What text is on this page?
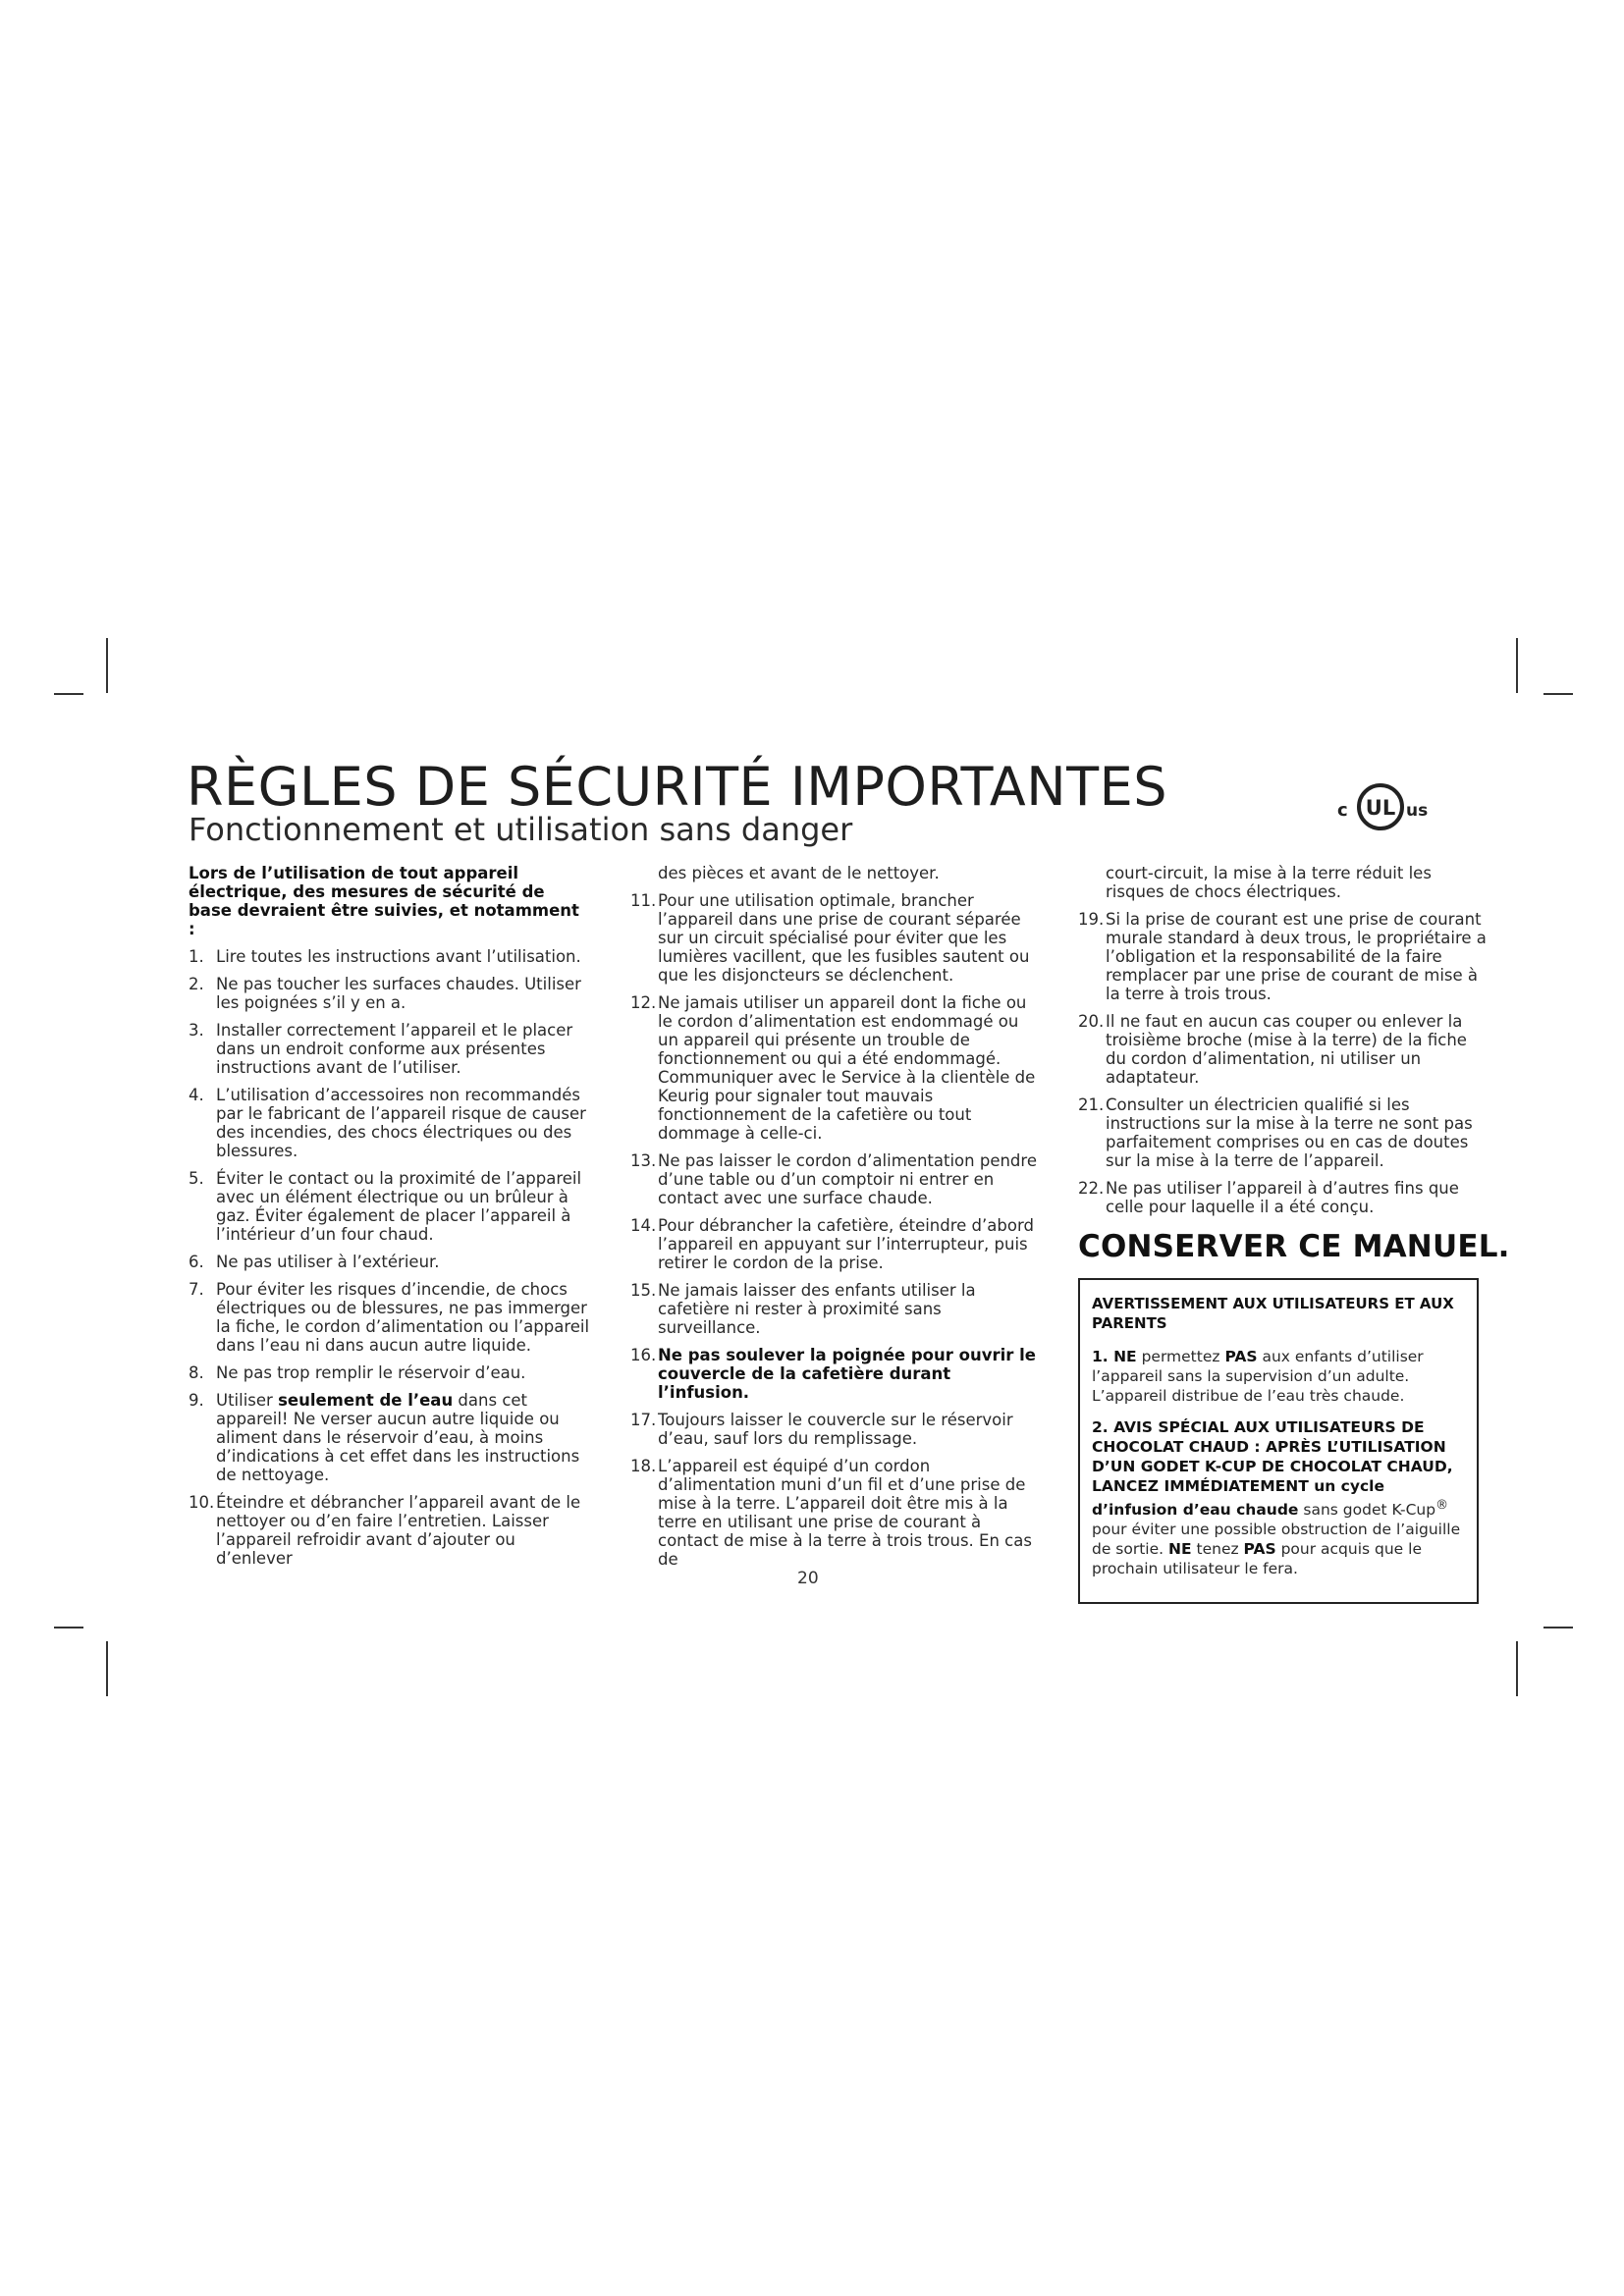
RÈGLES DE SÉCURITÉ IMPORTANTES
Fonctionnement et utilisation sans danger
c UL us

Lors de l’utilisation de tout appareil électrique, des mesures de sécurité de base devraient être suivies, et notamment :

1. Lire toutes les instructions avant l’utilisation.
2. Ne pas toucher les surfaces chaudes. Utiliser les poignées s’il y en a.
3. Installer correctement l’appareil et le placer dans un endroit conforme aux présentes instructions avant de l’utiliser.
4. L’utilisation d’accessoires non recommandés par le fabricant de l’appareil risque de causer des incendies, des chocs électriques ou des blessures.
5. Éviter le contact ou la proximité de l’appareil avec un élément électrique ou un brûleur à gaz. Éviter également de placer l’appareil à l’intérieur d’un four chaud.
6. Ne pas utiliser à l’extérieur.
7. Pour éviter les risques d’incendie, de chocs électriques ou de blessures, ne pas immerger la fiche, le cordon d’alimentation ou l’appareil dans l’eau ni dans aucun autre liquide.
8. Ne pas trop remplir le réservoir d’eau.
9. Utiliser seulement de l’eau dans cet appareil! Ne verser aucun autre liquide ou aliment dans le réservoir d’eau, à moins d’indications à cet effet dans les instructions de nettoyage.
10. Éteindre et débrancher l’appareil avant de le nettoyer ou d’en faire l’entretien. Laisser l’appareil refroidir avant d’ajouter ou d’enlever

des pièces et avant de le nettoyer.

11. Pour une utilisation optimale, brancher l’appareil dans une prise de courant séparée sur un circuit spécialisé pour éviter que les lumières vacillent, que les fusibles sautent ou que les disjoncteurs se déclenchent.
12. Ne jamais utiliser un appareil dont la fiche ou le cordon d’alimentation est endommagé ou un appareil qui présente un trouble de fonctionnement ou qui a été endommagé. Communiquer avec le Service à la clientèle de Keurig pour signaler tout mauvais fonctionnement de la cafetière ou tout dommage à celle-ci.
13. Ne pas laisser le cordon d’alimentation pendre d’une table ou d’un comptoir ni entrer en contact avec une surface chaude.
14. Pour débrancher la cafetière, éteindre d’abord l’appareil en appuyant sur l’interrupteur, puis retirer le cordon de la prise.
15. Ne jamais laisser des enfants utiliser la cafetière ni rester à proximité sans surveillance.
16. Ne pas soulever la poignée pour ouvrir le couvercle de la cafetière durant l’infusion.
17. Toujours laisser le couvercle sur le réservoir d’eau, sauf lors du remplissage.
18. L’appareil est équipé d’un cordon d’alimentation muni d’un fil et d’une prise de mise à la terre. L’appareil doit être mis à la terre en utilisant une prise de courant à contact de mise à la terre à trois trous. En cas de

court-circuit, la mise à la terre réduit les risques de chocs électriques.

19. Si la prise de courant est une prise de courant murale standard à deux trous, le propriétaire a l’obligation et la responsabilité de la faire remplacer par une prise de courant de mise à la terre à trois trous.
20. Il ne faut en aucun cas couper ou enlever la troisième broche (mise à la terre) de la fiche du cordon d’alimentation, ni utiliser un adaptateur.
21. Consulter un électricien qualifié si les instructions sur la mise à la terre ne sont pas parfaitement comprises ou en cas de doutes sur la mise à la terre de l’appareil.
22. Ne pas utiliser l’appareil à d’autres fins que celle pour laquelle il a été conçu.
CONSERVER CE MANUEL.
AVERTISSEMENT AUX UTILISATEURS ET AUX PARENTS

1. NE permettez PAS aux enfants d’utiliser l’appareil sans la supervision d’un adulte. L’appareil distribue de l’eau très chaude.

2. AVIS SPÉCIAL AUX UTILISATEURS DE CHOCOLAT CHAUD : APRÈS L’UTILISATION D’UN GODET K-CUP DE CHOCOLAT CHAUD, LANCEZ IMMÉDIATEMENT un cycle d’infusion d’eau chaude sans godet K-Cup® pour éviter une possible obstruction de l’aiguille de sortie. NE tenez PAS pour acquis que le prochain utilisateur le fera.

20
